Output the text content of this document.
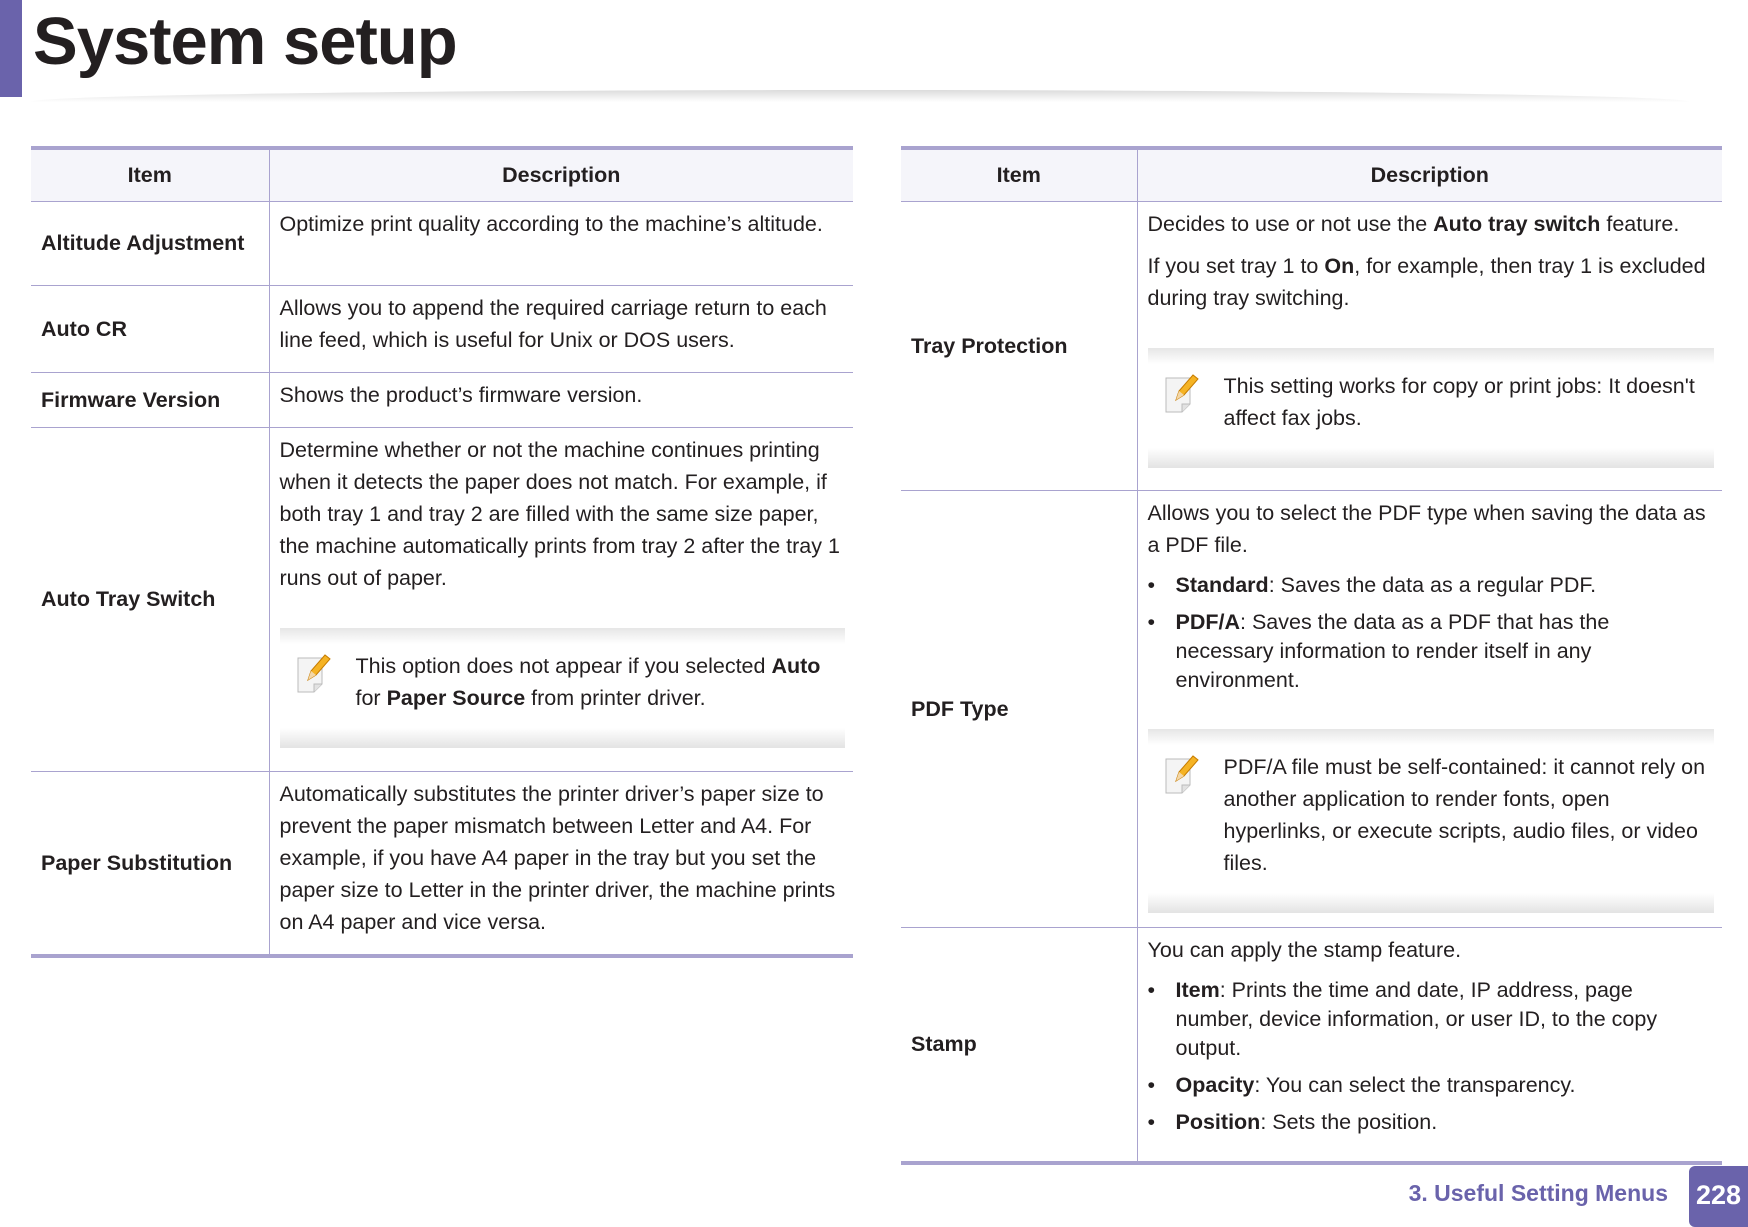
System setup
Item	Description
Altitude Adjustment	Optimize print quality according to the machine’s altitude.

Auto CR	Allows you to append the required carriage return to each line feed, which is useful for Unix or DOS users.

Firmware Version	Shows the product’s firmware version.

Auto Tray Switch	Determine whether or not the machine continues printing when it detects the paper does not match. For example, if both tray 1 and tray 2 are filled with the same size paper, the machine automatically prints from tray 2 after the tray 1 runs out of paper.

This option does not appear if you selected Auto for Paper Source from printer driver.

Paper Substitution	Automatically substitutes the printer driver’s paper size to prevent the paper mismatch between Letter and A4. For example, if you have A4 paper in the tray but you set the paper size to Letter in the printer driver, the machine prints on A4 paper and vice versa.

Item	Description
Tray Protection	Decides to use or not use the Auto tray switch feature.

If you set tray 1 to On, for example, then tray 1 is excluded during tray switching.

This setting works for copy or print jobs: It doesn't affect fax jobs.

PDF Type	Allows you to select the PDF type when saving the data as a PDF file.

• Standard: Saves the data as a regular PDF.
• PDF/A: Saves the data as a PDF that has the necessary information to render itself in any environment.
PDF/A file must be self-contained: it cannot rely on another application to render fonts, open hyperlinks, or execute scripts, audio files, or video files.

Stamp	You can apply the stamp feature.

• Item: Prints the time and date, IP address, page number, device information, or user ID, to the copy output.
• Opacity: You can select the transparency.
• Position: Sets the position.
3. Useful Setting Menus 228
